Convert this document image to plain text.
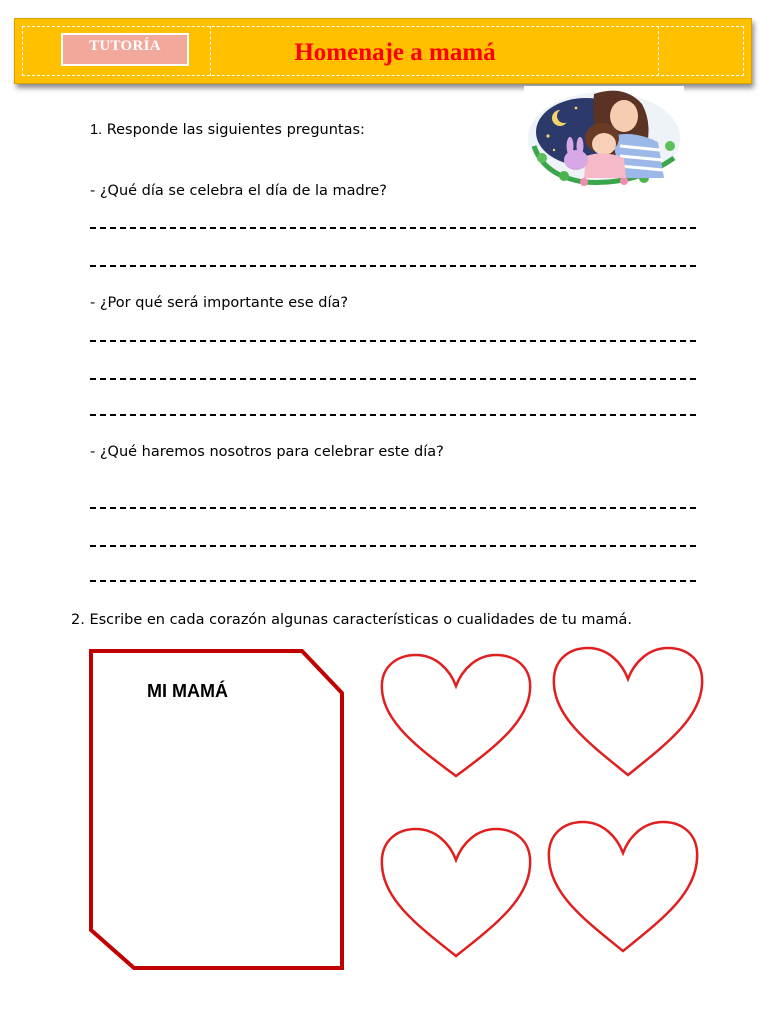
TUTORÍA	Homenaje a mamá
1. Responde las siguientes preguntas:
- ¿Qué día se celebra el día de la madre?
- ¿Por qué será importante ese día?
- ¿Qué haremos nosotros para celebrar este día?
2. Escribe en cada corazón algunas características o cualidades de tu mamá.
MI MAMÁ
